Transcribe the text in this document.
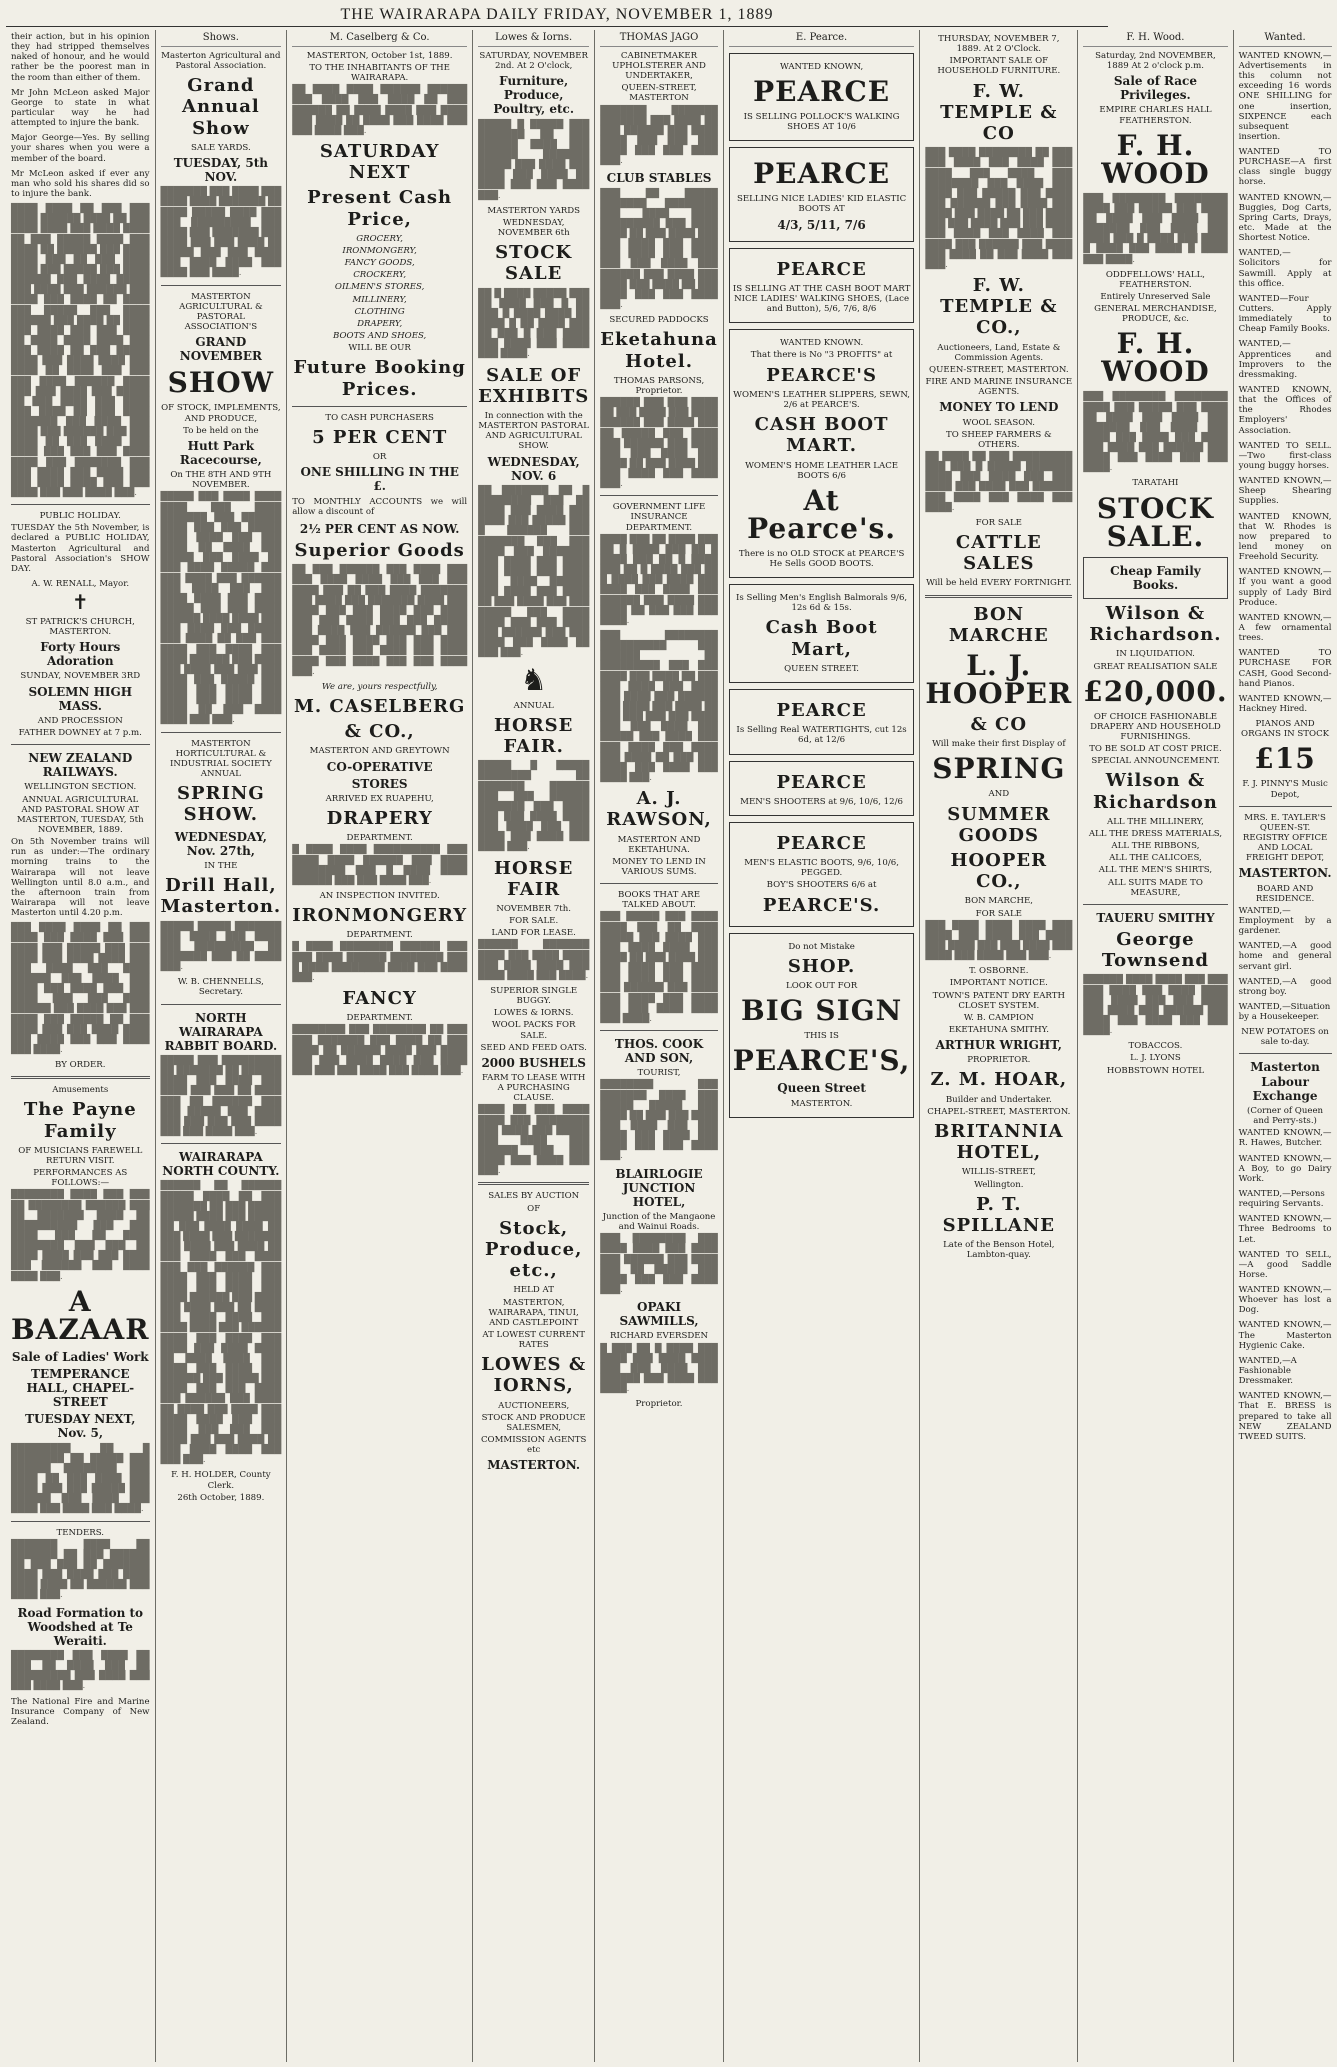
THE WAIRARAPA DAILY FRIDAY, NOVEMBER 1, 1889

their action, but in his opinion they had stripped themselves naked of honour, and he would rather be the poorest man in the room than either of them.

Mr John McLeon asked Major George to state in what particular way he had attempted to injure the bank.

Major George—Yes. By selling your shares when you were a member of the board.

Mr McLeon asked if ever any man who sold his shares did so to injure the bank.

████ ████ ██ ███ ███ ████ ██████ ████ ██ ███ ████ ████ ███ ████ ████ ██ ███ █████ ████ ███ ████ ██ ██████ ███ ████ ████ ███ ██ ███ ████ ████ ███ █████ ███ ████ ██████ ███ ████ █████ ███ ████ ███ ██████ ███ ████ ███ ████ ██ ████ ███ █████ ███ ████ ██████ ███ ████ ██ ████ ███ ████ ███ ███ ████ ██ ████ ████ ████ ███ ███ ████ ██ ███ █████ ████ ███ ████ ████ ███ ████ ██ ████ ███ ███ ███ ████ ██████ ████ ███ ███ ████ ███ █████ ██ ███ ████ ███ ████ ███ ████ ██ ███ ████ ███████ ███ ████ ███ ████ ███ ██████ ███ ███ ████ ██ ███ ████ ███ ████ ███ ███ ███ ████ ████ ███ ███████ ███ ███ ████ ███ ████ ███ ███ ████ ████ ███ ███ ████ ███ ███ ████ ███.

PUBLIC HOLIDAY.

TUESDAY the 5th November, is declared a PUBLIC HOLIDAY, Masterton Agricultural and Pastoral Association's SHOW DAY.

A. W. RENALL, Mayor.
✝
ST PATRICK'S CHURCH, MASTERTON.
Forty Hours Adoration
SUNDAY, NOVEMBER 3RD
SOLEMN HIGH MASS.
AND PROCESSION
FATHER DOWNEY at 7 p.m.
NEW ZEALAND RAILWAYS.
WELLINGTON SECTION.
ANNUAL AGRICULTURAL AND PASTORAL SHOW AT MASTERTON, TUESDAY, 5th NOVEMBER, 1889.

On 5th November trains will run as under:—The ordinary morning trains to the Wairarapa will not leave Wellington until 8.0 a.m., and the afternoon train from Wairarapa will not leave Masterton until 4.20 p.m.

███ ████ ████ ██ ███ ████ ███ ████ ███ ███ ████ ███ █████ ███ ███ ████ ███ ████ ████ ███ ███ ████ ███ ████ ██████ ███ ████ ███ ████ ███ ████ ███ ███ ████ ███ ███ ████ ██████ ███ ████ ███ ███ ████ ███ █████ ██ ███ ████ ███ ███ ████ ████ ███ ████ ███ ███ ████ ███ ████.

BY ORDER.
Amusements
The Payne Family
OF MUSICIANS FAREWELL RETURN VISIT.
PERFORMANCES AS FOLLOWS:—

████████ ████ ███ ███ ██ ████████ ██████ ███ ██ ███████ ████ ██ ██████████ ███ ███ ████ ███ ██ ████ ████████ ███ ███ ██ ████ ████ ███ ███ ████ ███ ██████ ███ ████ ████ ███.

A BAZAAR
Sale of Ladies' Work
TEMPERANCE HALL, CHAPEL-STREET
TUESDAY NEXT, Nov. 5,

█████████ ██ █ ████████ ██ █████ ███ ██████ ████████ ███ ████ ██ ███ ████ ███ ████ ███ ███ █████ ███ ██████ ███ ████ ███ ████ ███ ████ ███ ████.

TENDERS.

███████ ████ ██ ███████ ██ ███ ██████ ██ ███ ███ ██ ███████ ████ ███ ████ ███ ████ ████ ████ ██ ██████ ███ ████ ███.

Road Formation to Woodshed at Te Weraiti.

████████ ███ ████ ██ ███ ██ ████ ███ ██ █████████ ███ ████ ███ ███ ████ ███.

The National Fire and Marine Insurance Company of New Zealand.

Shows.
Masterton Agricultural and Pastoral Association.
Grand Annual Show
SALE YARDS.
TUESDAY, 5th NOV.

███████ ███ ████ ███ ████ ████ ███████ ██ ████ █████ ████ ███ ███ █████████ ███ ████ ███ ███████ ███ ████ ███ ███ ████ ██ █████ ███ ███ ████ ███ ████ ████ ███ ████ ███ ████.

MASTERTON AGRICULTURAL & PASTORAL ASSOCIATION'S
GRAND NOVEMBER
SHOW
OF STOCK, IMPLEMENTS, AND PRODUCE,
To be held on the
Hutt Park Racecourse,
On THE 8TH AND 9TH NOVEMBER.

█████ ███ ████ ████ ████ ███ ████ ███████ ███ ██████ ████ ███ ███ █████ ████ ████ ███ ███ ████ ██ ████ ███ █████ ███ ████ ██ ███ ████ █████ ███ ███ ████ ███ ██████ ███ ████ ███ ███ ████ ████ ███ ████ █████ ███ ███ ████ ██████ ████ ████ ███ ███ ████ ███ █████ ███ ████ ██ ███ ███ ████ ███ ████ ███ ████ ██████ ███ ████ ███ ████ ███ ███ ███ ████ ███ █████ ███ ████ ███ ████ ███ ████ ███ ████ ███ ████ ██ ███ ████ ████ ███ ███.

MASTERTON HORTICULTURAL & INDUSTRIAL SOCIETY ANNUAL
SPRING SHOW.
WEDNESDAY, Nov. 27th,
IN THE
Drill Hall, Masterton.

█████ █████ ███████ ███ ████ ███ ████ ███ █████████ ██ ███████ ███ ██ ████ ███.

W. B. CHENNELLS, Secretary.
NORTH WAIRARAPA RABBIT BOARD.

█████ ███ █████████ ██ ███████ ██ ██████ ████ ███ ████ ███ ████ ███ ███ ██ ████ ███ ██ ██████ ███ ███ █████ ███ ████ ███ ███ ███ ███ ████ ███ ███ ████ ███.

WAIRARAPA NORTH COUNTY.

██████ ██ ██████ █████ ████ ██ ███ ███████ ██ ███ █████ █████ ████ ███ █████ ██ ███ ████ ████ ██ ███ ████ ███ ███████ ███ ████ ███ ████ ██ ███ ████ ███ ████ ███ ███ ██████ ███ ████ ███ ████ ███ ████ ███ ████ ███ ████ ██████ ███ ████ ███ ████ ███ ██ ████ ███ ████ ████ ███ ████ ████ ███ ██████ ████ ███ ████ ███ ████ ███ ████ ████ ██ ████ ████ ███ ████ ███ ████ ███ ██████ ███ █████ ███ ████ ███ ███ ████ ███ ██████ ███ ████ ██ ████ ███ ████ ███ ████ ████ ███ ███ ████ ███ ███ ███ ████ ███ ███ ████ ██ ███ ████ ████ ███ ███ ███.

F. H. HOLDER, County Clerk.
26th October, 1889.
M. Caselberg & Co.
MASTERTON, October 1st, 1889.
TO THE INHABITANTS OF THE WAIRARAPA.

██ ████ ████ ██████ ██████ ███ ████ ███ ████ ██ ███ ██████ ██ ████ ████ ███ ████ ███ ████ ██ ████ ███ ████ ███ ███ ████ ███.

SATURDAY NEXT
Present Cash Price,
GROCERY,
IRONMONGERY,
FANCY GOODS,
CROCKERY,
OILMEN'S STORES,
MILLINERY,
CLOTHING
DRAPERY,
BOOTS AND SHOES,
WILL BE OUR
Future Booking Prices.
TO CASH PURCHASERS
5 PER CENT
OR
ONE SHILLING IN THE £.

TO MONTHLY ACCOUNTS we will allow a discount of

2½ PER CENT AS NOW.
Superior Goods

██ ███ ██████ ███ ████ ███ ███ ████ ████ ███ ███ ███ ████ ███ ██ ███ ████ ███████ ███ ████ ███ ███████ ████ ███ ████ ███ ███ ████ ███ ████ ███ ███ ████ ███ ███ █████ ███ ████ ███ ██████ ███ ███ ████ ███ ████ ███ ███ ████ ███ ████ ███ ████ ███ ████ ████ ███ ████ ███ ███ ████ ███.

We are, yours respectfully,
M. CASELBERG
& CO.,
MASTERTON AND GREYTOWN
CO-OPERATIVE
STORES
ARRIVED EX RUAPEHU,
DRAPERY
DEPARTMENT.

█ ████ ████ ██████████ ███ ████ ████ ██████ ███ ████ ████████ ███ █ ████ ████ ██████ ███ ███ ████ ███.

AN INSPECTION INVITED.
IRONMONGERY
DEPARTMENT.

█ ████ ████████ ██████ ███ ███ ████ ██████ ████████ ███ █ ████ ████████ ████ ███ ████ ███.

FANCY
DEPARTMENT.

████████ ███ ████████ ██ ███ ███ ███████ ███ ████ ██ ███ ████ ██ ██████ ████ ███ ████ ███ ███ ████ ████ ███ ████ ███ ███ ███ ████ ███ ████ ███.

Lowes & Iorns.
SATURDAY, NOVEMBER 2nd. At 2 O'clock,
Furniture, Produce, Poultry, etc.

█████ █ █████ ███ ███████ ██ ███ ██████ ████ ███ ██████ ███████ █████ ███ ████ ███ ████ ███ ████ ██ ████ ███ ███ ████ ███.

MASTERTON YARDS
WEDNESDAY, NOVEMBER 6th
STOCK SALE

██ █ ████ █████ ███ ██ ████ ███ █ ██ ███ █ ████ ████ ██ ████ █ ██ ████ ███ ██ ███ █ ███ ████ ███ ████ ███ ████ ███ ████.

SALE OF EXHIBITS
In connection with the MASTERTON PASTORAL AND AGRICULTURAL SHOW.
WEDNESDAY, NOV. 6

██ ███████ ██ █ ████████ ███ ██ ████ ███ ████ ███ ████ ███ █████ ███ █ ██████ ███ ███████ ███ ███ ████ ███ ███████ ███ ████ ███ ████ ███ ████ ███ ████ ███ ████ ██████ ███ ████ ███ ████ ██ ███ ████ ███ ███ █████ ███ ████ ████ ███ ███ ████ ███ ██████ ███ ███ ████ ███ ████ ██ ███ ███.

♞
ANNUAL
HORSE FAIR.

█████ █ █████ ████████ ██ ███████ ██████ ███ ███ ██████ ███████ ███ ████ ███ ███ ████ ████ ███ ████ ███ ███ ████ ███ ████ ███ ████ ███.

HORSE FAIR
NOVEMBER 7th.
FOR SALE.
LAND FOR LEASE.

██████ ███████ ████ ███ ████ ████ ███ ████ ████ ███ ████ ████ ███ ████.

SUPERIOR SINGLE BUGGY.
LOWES & IORNS.
WOOL PACKS FOR SALE.
SEED AND FEED OATS.
2000 BUSHELS
FARM TO LEASE WITH A PURCHASING CLAUSE.

████ ██ ███ ████ ████ ███ ████████ ███ ████ ███ █████ ███ ████ ███ ██████ ███ ███ ████ ███ ████ ███ ███.

SALES BY AUCTION
OF
Stock, Produce, etc.,
HELD AT
MASTERTON, WAIRARAPA, TINUI, AND CASTLEPOINT
AT LOWEST CURRENT RATES
LOWES & IORNS,
AUCTIONEERS,
STOCK AND PRODUCE SALESMEN,
COMMISSION AGENTS etc
MASTERTON.
THOMAS JAGO
CABINETMAKER UPHOLSTERER AND UNDERTAKER,
QUEEN-STREET, MASTERTON

███████ ███████ ███████ ███ ████ ██ ███ ██████ ███ ████ ████ ███ ███ ███ ████ ███ ███ ████ ███.

CLUB STABLES

███ ██ █████ ███████ ████████ ███ ████ ████ █████████ ███ ████ ████ ██ ███ ████ ███ ███ ████ ███ ████ ███ ████ ███ ████ ███ ███ ████ ███ ██████ ███ ████ ███ ████ ███ ████ ██ ███ ████ ███ ███ ████ ███.

SECURED PADDOCKS
Eketahuna Hotel.
THOMAS PARSONS, Proprietor.

██████ ███ ███ ████ ██ ███ ████ ███ ████ ██████ ███ ████ ███ ██ █████ ███ ████ ███ ██████ ███ ████ ███ ███ ████ ███ ████ ██ ███ ████ ███ ███ ████ ███ ████ ███.

GOVERNMENT LIFE INSURANCE DEPARTMENT.

████ ███ ██ ████ ███ ██ █ ████ ███ ██ █ ████ ███ ██ █ ████ ███ ██ █ ████ ███ ██ █ ████ ███ ████ ███ ████ ███ ████ ███ ██████ ███ ████ ███ ████ ██ ███ ███ ███ ████.

███ ████████ ██████████ ███ ██████ ██ █████████ ███ ███ ████ ███ ████ ██ ███ ███ ████ ███ ████ ███ ████ ███ ██████ ███ ████ ███ ████ ██ ███ ███ ███ ███ ████ ███ ███ ████ ███ █████ ███ ████ ███ ███ ████ ███ ████ ███ ████ ██ ███ ███ ████ ███ ████ ███ ████ ███.

A. J. RAWSON,
MASTERTON AND EKETAHUNA.
MONEY TO LEND IN VARIOUS SUMS.
BOOKS THAT ARE TALKED ABOUT.

███ █████ ███ ████ ████ ███ ██ ████ █████ ███ ████ ███ ███ ████ ████ ███ ████ ██ ███ ████ ███ ███ ████ ███ ████ ███ ████ ███ ████ ███ ██████ ███ ████ ███ ████ ███ ████ ███ ███ ████ ████ ███ ████.

THOS. COOK AND SON,
TOURIST,

████████ ███ ███████ ████ ███ █████ █████ ███ ████ ██ ███ ███ ████ ███ ████ ███ ███ ████ ███ ████ ███ ████ ███ ███ ████ ███.

BLAIRLOGIE JUNCTION HOTEL,
Junction of the Mangaone and Wainui Roads.

███ ████████ ███ ████ ████ ███ ████ ███ ██████ ███ ████ ███ ██ █████ ███ ████ ███ ███ ████ ███.

OPAKI SAWMILLS,
RICHARD EVERSDEN

█ ███ ██ █ ████ ███ ████ ███ ████ ████ ███ ███ ████ ███ ██████ ███ ████ ███ ████.

Proprietor.
E. Pearce.
WANTED KNOWN,
PEARCE
IS SELLING POLLOCK'S WALKING SHOES AT 10/6
PEARCE
SELLING NICE LADIES' KID ELASTIC BOOTS AT
4/3, 5/11, 7/6
PEARCE
IS SELLING AT THE CASH BOOT MART NICE LADIES' WALKING SHOES, (Lace and Button), 5/6, 7/6, 8/6
WANTED KNOWN.
That there is No "3 PROFITS" at
PEARCE'S
WOMEN'S LEATHER SLIPPERS, SEWN, 2/6 at PEARCE'S.
CASH BOOT MART.
WOMEN'S HOME LEATHER LACE BOOTS 6/6
At Pearce's.
There is no OLD STOCK at PEARCE'S He Sells GOOD BOOTS.
Is Selling Men's English Balmorals 9/6, 12s 6d & 15s.
Cash Boot Mart,
QUEEN STREET.
PEARCE
Is Selling Real WATERTIGHTS, cut 12s 6d, at 12/6
PEARCE
MEN'S SHOOTERS at 9/6, 10/6, 12/6
PEARCE
MEN'S ELASTIC BOOTS, 9/6, 10/6, PEGGED.
BOY'S SHOOTERS 6/6 at
PEARCE'S.
Do not Mistake
SHOP.
LOOK OUT FOR
BIG SIGN
THIS IS
PEARCE'S,
Queen Street
MASTERTON.
THURSDAY, NOVEMBER 7, 1889. At 2 O'Clock.
IMPORTANT SALE OF HOUSEHOLD FURNITURE.
F. W. TEMPLE & CO

███ ████ ████████ ██ ███ ███ ████ ███ ████ ███ ████ ███ ████ ███ ████████ ███ ████ ███ ████ ███ █████ ███ ████ ███ ██████ ███ ████ ███ ████ ███ ████ ██ ███ ████ ███ ███ ████ ███ ███ ████ ███ ████ ███ ████ ███ ████ ███ ██████ ███ ████ ███ ████ ██ ███ ████ ███ ███.

F. W. TEMPLE & CO.,
Auctioneers, Land, Estate & Commission Agents.
QUEEN-STREET, MASTERTON.
FIRE AND MARINE INSURANCE AGENTS.
MONEY TO LEND
WOOL SEASON.
TO SHEEP FARMERS & OTHERS.

██ ████ ██ ███ █████████ ███ ███ █ █████ ███████ ████ ███ ████ ███ ███ ████ ███ ████ ███ ██████ ███ ████ ███ ████ ███ ████.

FOR SALE
CATTLE SALES
Will be held EVERY FORTNIGHT.
BON MARCHE
L. J. HOOPER
& CO
Will make their first Display of
SPRING
AND
SUMMER GOODS
HOOPER CO.,
BON MARCHE,
FOR SALE

███ ████ ████ ████ ███ ████ ███ ████ ███ ████ ███ ████ ███ ███ ████ ███ ████ ███ ████ ███ ███.

T. OSBORNE.
IMPORTANT NOTICE.
TOWN'S PATENT DRY EARTH CLOSET SYSTEM.
W. B. CAMPION
EKETAHUNA SMITHY.
ARTHUR WRIGHT,
PROPRIETOR.
Z. M. HOAR,
Builder and Undertaker.
CHAPEL-STREET, MASTERTON.
BRITANNIA HOTEL,
WILLIS-STREET,
Wellington.
P. T. SPILLANE
Late of the Benson Hotel, Lambton-quay.
F. H. Wood.
Saturday, 2nd NOVEMBER, 1889 At 2 o'clock p.m.
Sale of Race Privileges.
EMPIRE CHARLES HALL FEATHERSTON.
F. H. WOOD

███ ████████ ████████ ████ ███ █████ ███ ████ ██ ████ ███ ████ ███ ███████ ███ ████ ███ ████ ███ █ ████ ███ ████ █ ████ ███ ████ █ ████ ███ ████.

ODDFELLOWS' HALL, FEATHERSTON.
Entirely Unreserved Sale
GENERAL MERCHANDISE, PRODUCE, &c.
F. H. WOOD

███ ████████ ████████ ████ ███ █████ ███ ████ ██ ████ ███ ████ ███ ███████ ███ ████ ███ ████ ███ ████ ███ ████ ███ ████ ███ ██████ ███ ████ ███ ████ ███ ███ ████.

TARATAHI
STOCK SALE.
Cheap Family Books.
Wilson & Richardson.
IN LIQUIDATION.
GREAT REALISATION SALE
£20,000.
OF CHOICE FASHIONABLE DRAPERY AND HOUSEHOLD FURNISHINGS.
TO BE SOLD AT COST PRICE.
SPECIAL ANNOUNCEMENT.
Wilson & Richardson
ALL THE MILLINERY,
ALL THE DRESS MATERIALS,
ALL THE RIBBONS,
ALL THE CALICOES,
ALL THE MEN'S SHIRTS,
ALL SUITS MADE TO MEASURE,
TAUERU SMITHY
George Townsend

██████ ████ ████ ███ ███ ███ ████ ███ ████ ████ ███ ████ ███ ███ ████ ███ ████ ███ ██████ ███ ████ ███ ████ ███ ███ ████.

TOBACCOS.
L. J. LYONS
HOBBSTOWN HOTEL
Wanted.

WANTED KNOWN,—Advertisements in this column not exceeding 16 words ONE SHILLING for one insertion, SIXPENCE each subsequent insertion.

WANTED TO PURCHASE—A first class single buggy horse.

WANTED KNOWN,—Buggies, Dog Carts, Spring Carts, Drays, etc. Made at the Shortest Notice.

WANTED,—Solicitors for Sawmill. Apply at this office.

WANTED—Four Cutters. Apply immediately to Cheap Family Books.

WANTED,—Apprentices and Improvers to the dressmaking.

WANTED KNOWN, that the Offices of the Rhodes Employers' Association.

WANTED TO SELL.—Two first-class young buggy horses.

WANTED KNOWN,—Sheep Shearing Supplies.

WANTED KNOWN, that W. Rhodes is now prepared to lend money on Freehold Security.

WANTED KNOWN,—If you want a good supply of Lady Bird Produce.

WANTED KNOWN,—A few ornamental trees.

WANTED TO PURCHASE FOR CASH, Good Second-hand Pianos.

WANTED KNOWN,—Hackney Hired.

PIANOS AND ORGANS IN STOCK
£15
F. J. PINNY'S Music Depot,
MRS. E. TAYLER'S QUEEN-ST. REGISTRY OFFICE AND LOCAL FREIGHT DEPOT,
MASTERTON.
BOARD AND RESIDENCE.

WANTED,—Employment by a gardener.

WANTED,—A good home and general servant girl.

WANTED,—A good strong boy.

WANTED,—Situation by a Housekeeper.

NEW POTATOES on sale to-day.
Masterton Labour Exchange
(Corner of Queen and Perry-sts.)

WANTED KNOWN,—R. Hawes, Butcher.

WANTED KNOWN,—A Boy, to go Dairy Work.

WANTED,—Persons requiring Servants.

WANTED KNOWN,—Three Bedrooms to Let.

WANTED TO SELL,—A good Saddle Horse.

WANTED KNOWN,—Whoever has lost a Dog.

WANTED KNOWN,—The Masterton Hygienic Cake.

WANTED,—A Fashionable Dressmaker.

WANTED KNOWN,—That E. BRESS is prepared to take all NEW ZEALAND TWEED SUITS.
